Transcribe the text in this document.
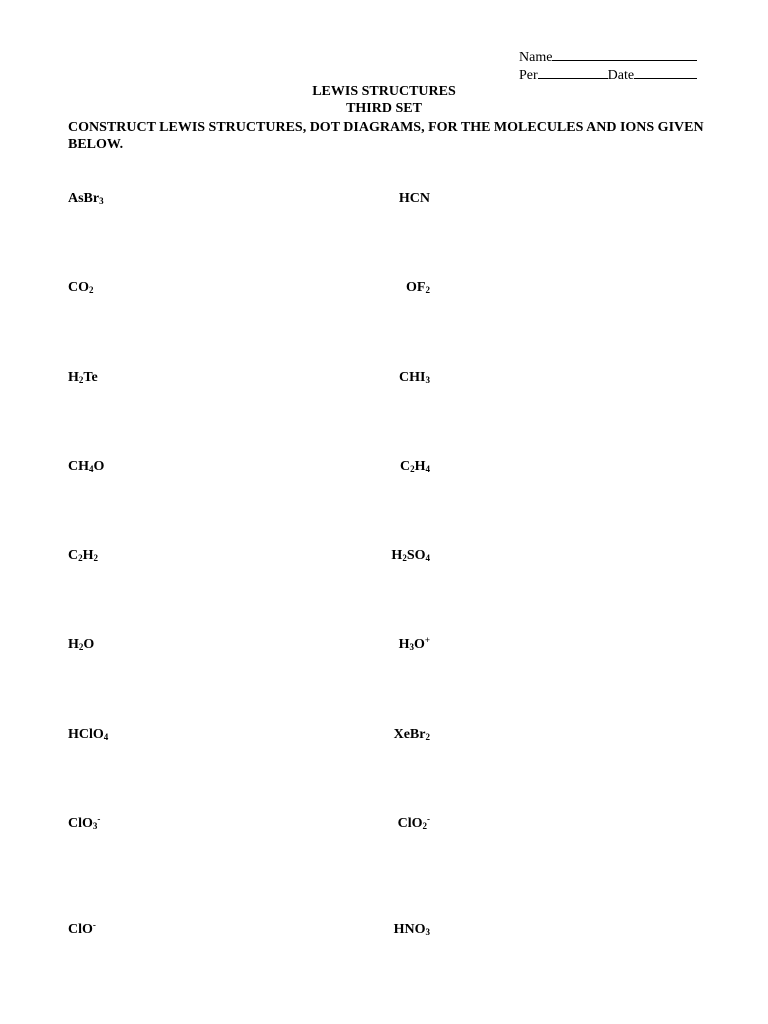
Name
Per	Date
LEWIS STRUCTURES
THIRD SET
CONSTRUCT LEWIS STRUCTURES, DOT DIAGRAMS, FOR THE MOLECULES AND IONS GIVEN BELOW.
AsBr$_3$
$CO_2$
$H_2Te$
$CH_4O$
$C_2H_2$
$H_2O$
HClO$_4$
ClO$_3$-
ClO-
HCN
$OF_2$
$CHI_3$
$C_2H_4$
$H_2SO_4$
$H_3O^+$
XeBr$_2$
ClO$_2$-
$HNO_3$
